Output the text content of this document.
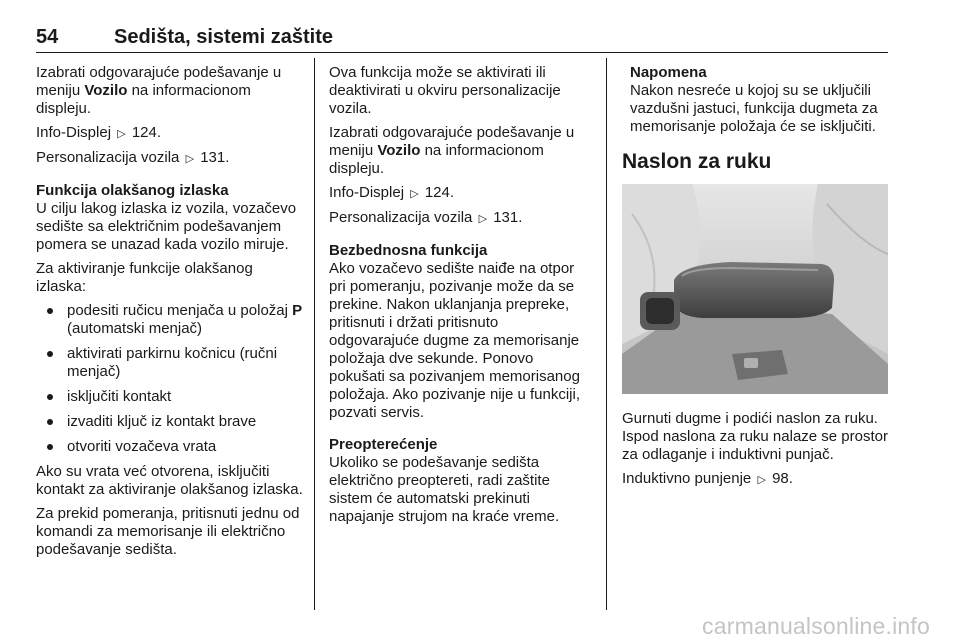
54	Sedišta, sistemi zaštite

Izabrati odgovarajuće podešavanje u meniju Vozilo na informacionom displeju.

Info-Displej ▷ 124.

Personalizacija vozila ▷ 131.

Funkcija olakšanog izlaska

U cilju lakog izlaska iz vozila, vozačevo sedište sa električnim podešavanjem pomera se unazad kada vozilo miruje.

Za aktiviranje funkcije olakšanog izlaska:

podesiti ručicu menjača u položaj P (automatski menjač)
aktivirati parkirnu kočnicu (ručni menjač)
isključiti kontakt
izvaditi ključ iz kontakt brave
otvoriti vozačeva vrata

Ako su vrata već otvorena, isključiti kontakt za aktiviranje olakšanog izlaska.

Za prekid pomeranja, pritisnuti jednu od komandi za memorisanje ili električno podešavanje sedišta.

Ova funkcija može se aktivirati ili deaktivirati u okviru personalizacije vozila.

Izabrati odgovarajuće podešavanje u meniju Vozilo na informacionom displeju.

Info-Displej ▷ 124.

Personalizacija vozila ▷ 131.

Bezbednosna funkcija

Ako vozačevo sedište naiđe na otpor pri pomeranju, pozivanje može da se prekine. Nakon uklanjanja prepreke, pritisnuti i držati pritisnuto odgovarajuće dugme za memorisanje položaja dve sekunde. Ponovo pokušati sa pozivanjem memorisanog položaja. Ako pozivanje nije u funkciji, pozvati servis.

Preopterećenje

Ukoliko se podešavanje sedišta električno preoptereti, radi zaštite sistem će automatski prekinuti napajanje strujom na kraće vreme.

Napomena

Nakon nesreće u kojoj su se uključili vazdušni jastuci, funkcija dugmeta za memorisanje položaja će se isključiti.

Naslon za ruku

Gurnuti dugme i podići naslon za ruku. Ispod naslona za ruku nalaze se prostor za odlaganje i induktivni punjač.

Induktivno punjenje ▷ 98.

carmanualsonline.info
